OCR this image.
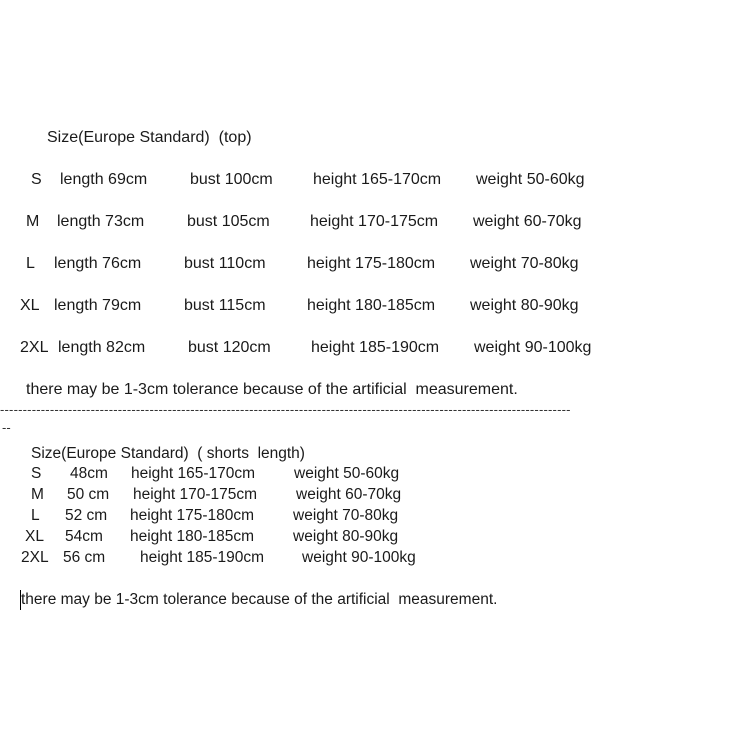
Size(Europe Standard)  (top)
S length 69cm	bust 100cm	height 165-170cm weight 50-60kg
M length 73cm	bust 105cm	height 170-175cm weight 60-70kg
L length 76cm	bust 110cm	height 175-180cm weight 70-80kg
XL length 79cm	bust 115cm	height 180-185cm weight 80-90kg
2XL length 82cm	bust 120cm	height 185-190cm weight 90-100kg
there may be 1-3cm tolerance because of the artificial  measurement.
------------------------------------------------------------------------------------------------------------------------------
--
Size(Europe Standard)  ( shorts  length)
S 48cm height 165-170cm	weight 50-60kg
M 50 cm height 170-175cm	weight 60-70kg
L 52 cm height 175-180cm	weight 70-80kg
XL 54cm height 180-185cm	weight 80-90kg
2XL 56 cm height 185-190cm weight 90-100kg
there may be 1-3cm tolerance because of the artificial  measurement.
